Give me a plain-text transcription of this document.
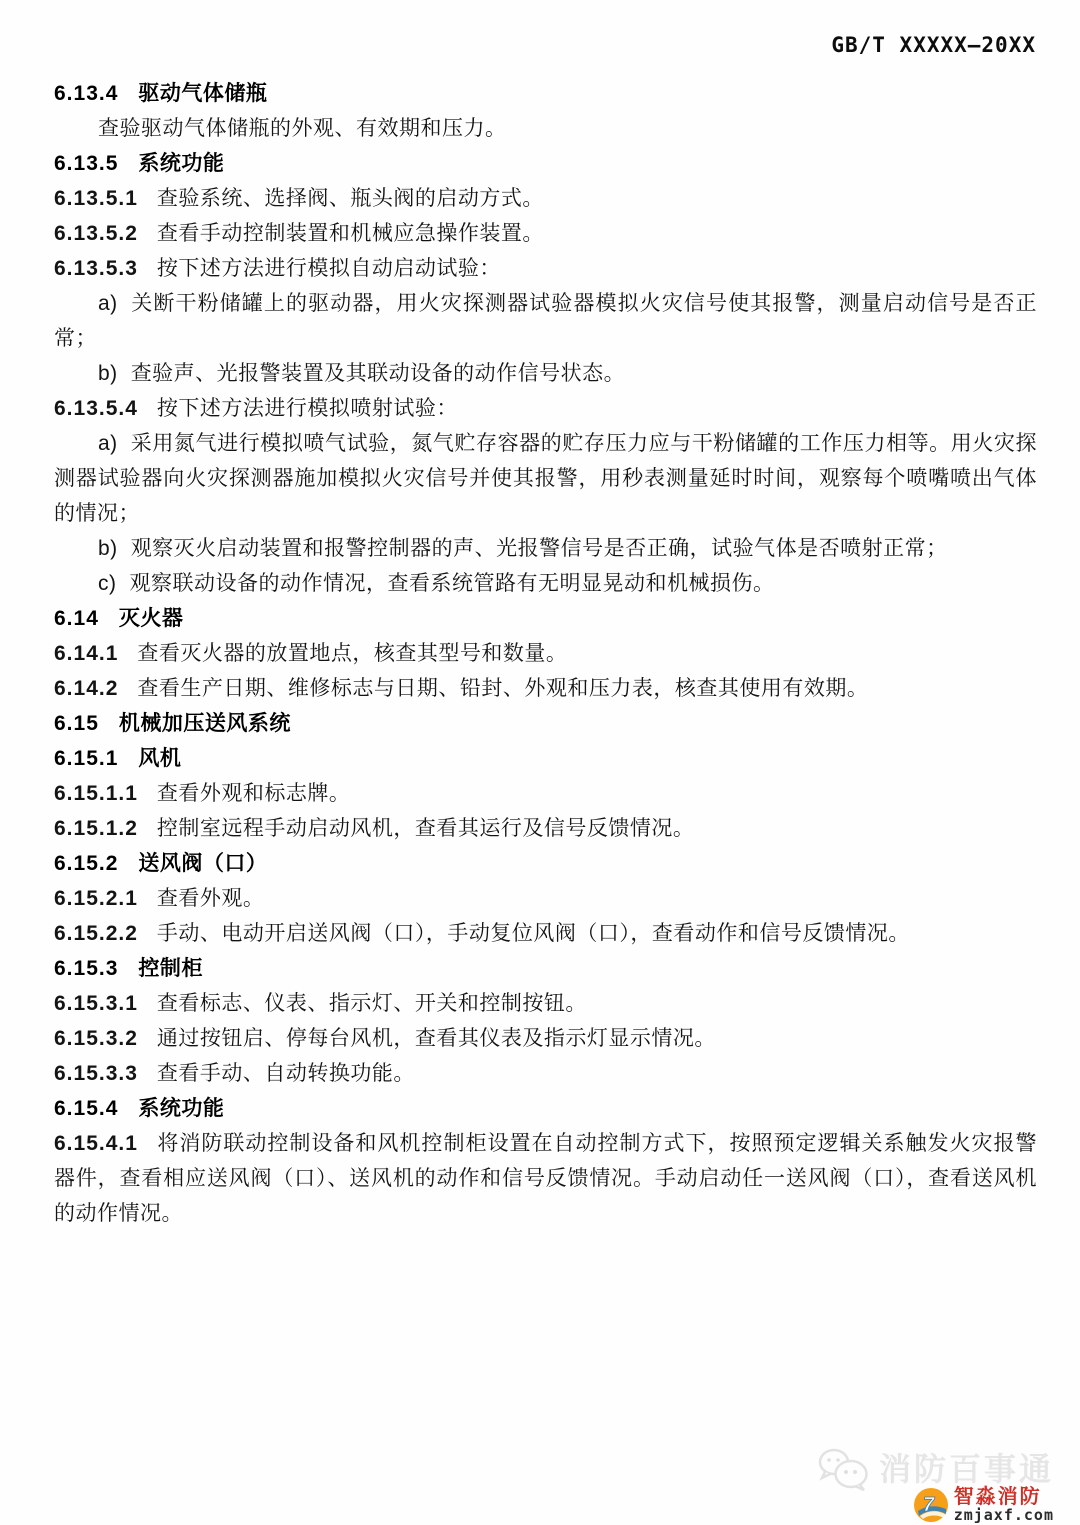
GB/T XXXXX—20XX

6.13.4 驱动气体储瓶

查验驱动气体储瓶的外观、有效期和压力。

6.13.5 系统功能

6.13.5.1 查验系统、选择阀、瓶头阀的启动方式。

6.13.5.2 查看手动控制装置和机械应急操作装置。

6.13.5.3 按下述方法进行模拟自动启动试验：

a) 关断干粉储罐上的驱动器，用火灾探测器试验器模拟火灾信号使其报警，测量启动信号是否正常；

b) 查验声、光报警装置及其联动设备的动作信号状态。

6.13.5.4 按下述方法进行模拟喷射试验：

a) 采用氮气进行模拟喷气试验，氮气贮存容器的贮存压力应与干粉储罐的工作压力相等。用火灾探测器试验器向火灾探测器施加模拟火灾信号并使其报警，用秒表测量延时时间，观察每个喷嘴喷出气体的情况；

b) 观察灭火启动装置和报警控制器的声、光报警信号是否正确，试验气体是否喷射正常；

c) 观察联动设备的动作情况，查看系统管路有无明显晃动和机械损伤。

6.14 灭火器

6.14.1 查看灭火器的放置地点，核查其型号和数量。

6.14.2 查看生产日期、维修标志与日期、铅封、外观和压力表，核查其使用有效期。

6.15 机械加压送风系统

6.15.1 风机

6.15.1.1 查看外观和标志牌。

6.15.1.2 控制室远程手动启动风机，查看其运行及信号反馈情况。

6.15.2 送风阀（口）

6.15.2.1 查看外观。

6.15.2.2 手动、电动开启送风阀（口），手动复位风阀（口），查看动作和信号反馈情况。

6.15.3 控制柜

6.15.3.1 查看标志、仪表、指示灯、开关和控制按钮。

6.15.3.2 通过按钮启、停每台风机，查看其仪表及指示灯显示情况。

6.15.3.3 查看手动、自动转换功能。

6.15.4 系统功能

6.15.4.1 将消防联动控制设备和风机控制柜设置在自动控制方式下，按照预定逻辑关系触发火灾报警器件，查看相应送风阀（口）、送风机的动作和信号反馈情况。手动启动任一送风阀（口），查看送风机的动作情况。

消防百事通
7 智淼消防
zmjaxf.com
